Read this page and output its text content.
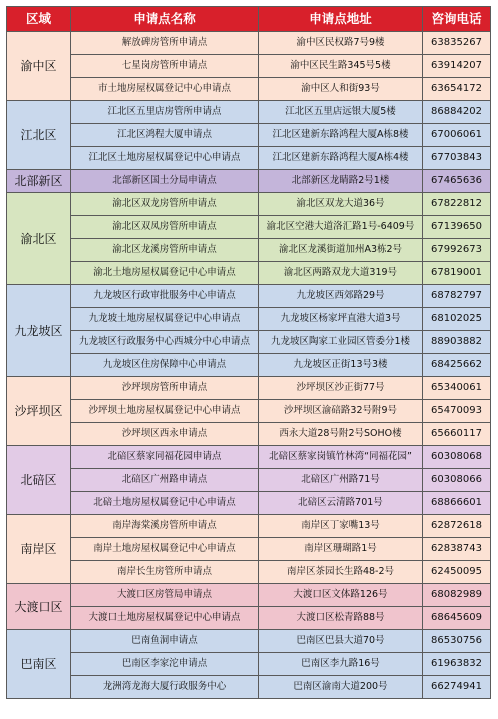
区域	申请点名称	申请点地址	咨询电话
渝中区	解放碑房管所申请点	渝中区民权路7号9楼	63835267
	七星岗房管所申请点	渝中区民生路345号5楼	63914207
	市土地房屋权属登记中心申请点	渝中区人和街93号	63654172
江北区	江北区五里店房管所申请点	江北区五里店远银大厦5楼	86884202
	江北区鸿程大厦申请点	江北区建新东路鸿程大厦A栋8楼	67006061
	江北区土地房屋权属登记中心申请点	江北区建新东路鸿程大厦A栋4楼	67703843
北部新区	北部新区国土分局申请点	北部新区龙睛路2号1楼	67465636
渝北区	渝北区双龙房管所申请点	渝北区双龙大道36号	67822812
	渝北区双凤房管所申请点	渝北区空港大道洛汇路1号-6409号	67139650
	渝北区龙溪房管所申请点	渝北区龙溪街道加州A3栋2号	67992673
	渝北土地房屋权属登记中心申请点	渝北区两路双龙大道319号	67819001
九龙坡区	九龙坡区行政审批服务中心申请点	九龙坡区西郊路29号	68782797
	九龙坡土地房屋权属登记中心申请点	九龙坡区杨家坪直港大道3号	68102025
	九龙坡区行政服务中心西城分中心申请点	九龙坡区陶家工业园区管委分1楼	88903882
	九龙坡区住房保障中心申请点	九龙坡区正街13号3楼	68425662
沙坪坝区	沙坪坝房管所申请点	沙坪坝区沙正街77号	65340061
	沙坪坝土地房屋权属登记中心申请点	沙坪坝区渝碚路32号附9号	65470093
	沙坪坝区西永申请点	西永大道28号附2号SOHO楼	65660117
北碚区	北碚区蔡家同福花园申请点	北碚区蔡家岗镇竹林湾“同福花园”	60308068
	北碚区广州路申请点	北碚区广州路71号	60308066
	北碚土地房屋权属登记中心申请点	北碚区云清路701号	68866601
南岸区	南岸海棠溪房管所申请点	南岸区丁家嘴13号	62872618
	南岸土地房屋权属登记中心申请点	南岸区珊瑚路1号	62838743
	南岸长生房管所申请点	南岸区茶园长生路48-2号	62450095
大渡口区	大渡口区房管局申请点	大渡口区文体路126号	68082989
	大渡口土地房屋权属登记中心申请点	大渡口区松青路88号	68645609
巴南区	巴南鱼洞申请点	巴南区巴县大道70号	86530756
	巴南区李家沱申请点	巴南区李九路16号	61963832
	龙洲湾龙海大厦行政服务中心	巴南区渝南大道200号	66274941
